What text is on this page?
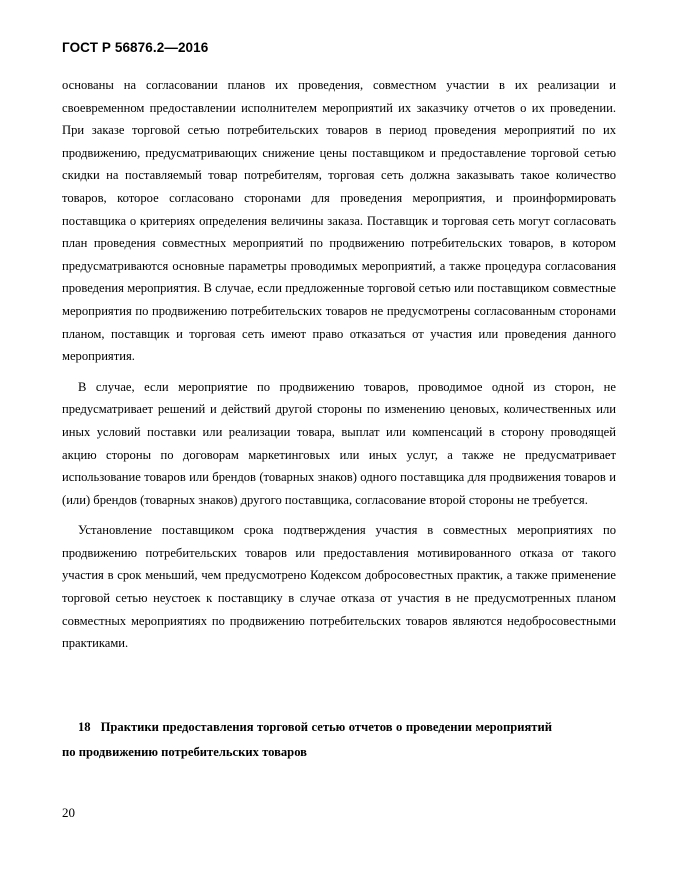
ГОСТ Р 56876.2—2016

основаны на согласовании планов их проведения, совместном участии в их реализации и своевременном предоставлении исполнителем мероприятий их заказчику отчетов о их проведении. При заказе торговой сетью потребительских товаров в период проведения мероприятий по их продвижению, предусматривающих снижение цены поставщиком и предоставление торговой сетью скидки на поставляемый товар потребителям, торговая сеть должна заказывать такое количество товаров, которое согласовано сторонами для проведения мероприятия, и проинформировать поставщика о критериях определения величины заказа. Поставщик и торговая сеть могут согласовать план проведения совместных мероприятий по продвижению потребительских товаров, в котором предусматриваются основные параметры проводимых мероприятий, а также процедура согласования проведения мероприятия. В случае, если предложенные торговой сетью или поставщиком совместные мероприятия по продвижению потребительских товаров не предусмотрены согласованным сторонами планом, поставщик и торговая сеть имеют право отказаться от участия или проведения данного мероприятия.

В случае, если мероприятие по продвижению товаров, проводимое одной из сторон, не предусматривает решений и действий другой стороны по изменению ценовых, количественных или иных условий поставки или реализации товара, выплат или компенсаций в сторону проводящей акцию стороны по договорам маркетинговых или иных услуг, а также не предусматривает использование товаров или брендов (товарных знаков) одного поставщика для продвижения товаров и (или) брендов (товарных знаков) другого поставщика, согласование второй стороны не требуется.

Установление поставщиком срока подтверждения участия в совместных мероприятиях по продвижению потребительских товаров или предоставления мотивированного отказа от такого участия в срок меньший, чем предусмотрено Кодексом добросовестных практик, а также применение торговой сетью неустоек к поставщику в случае отказа от участия в не предусмотренных планом совместных мероприятиях по продвижению потребительских товаров являются недобросовестными практиками.

18 Практики предоставления торговой сетью отчетов о проведении мероприятий по продвижению потребительских товаров
20
